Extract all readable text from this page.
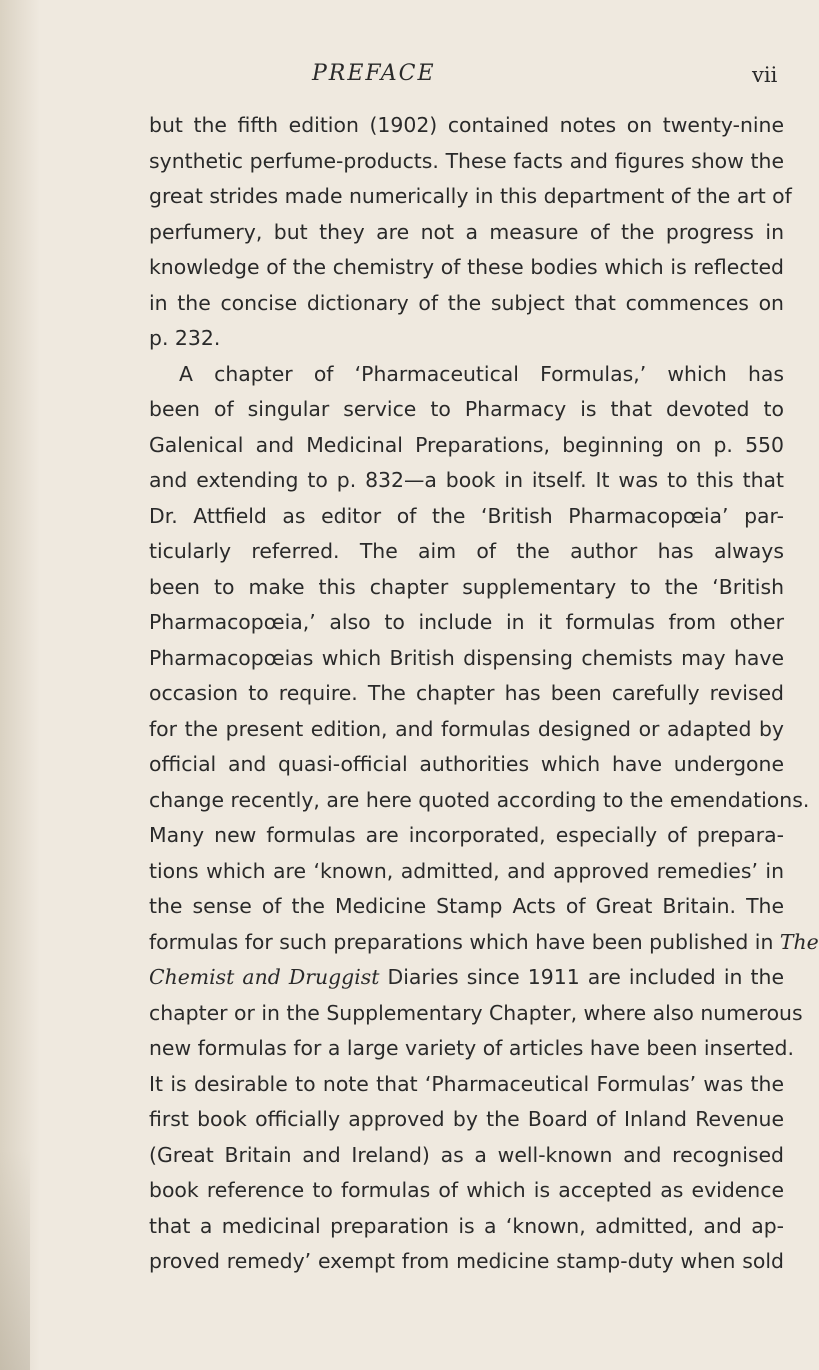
PREFACE	vii
but the fifth edition (1902) contained notes on twenty-nine
synthetic perfume-products. These facts and figures show the
great strides made numerically in this department of the art of
perfumery, but they are not a measure of the progress in
knowledge of the chemistry of these bodies which is reflected
in the concise dictionary of the subject that commences on
p. 232.
A chapter of ‘Pharmaceutical Formulas,’ which has
been of singular service to Pharmacy is that devoted to
Galenical and Medicinal Preparations, beginning on p. 550
and extending to p. 832—a book in itself. It was to this that
Dr. Attfield as editor of the ‘British Pharmacopœia’ par-
ticularly referred. The aim of the author has always
been to make this chapter supplementary to the ‘British
Pharmacopœia,’ also to include in it formulas from other
Pharmacopœias which British dispensing chemists may have
occasion to require. The chapter has been carefully revised
for the present edition, and formulas designed or adapted by
official and quasi-official authorities which have undergone
change recently, are here quoted according to the emendations.
Many new formulas are incorporated, especially of prepara-
tions which are ‘known, admitted, and approved remedies’ in
the sense of the Medicine Stamp Acts of Great Britain. The
formulas for such preparations which have been published in The
Chemist and Druggist Diaries since 1911 are included in the
chapter or in the Supplementary Chapter, where also numerous
new formulas for a large variety of articles have been inserted.
It is desirable to note that ‘Pharmaceutical Formulas’ was the
first book officially approved by the Board of Inland Revenue
(Great Britain and Ireland) as a well-known and recognised
book reference to formulas of which is accepted as evidence
that a medicinal preparation is a ‘known, admitted, and ap-
proved remedy’ exempt from medicine stamp-duty when sold
